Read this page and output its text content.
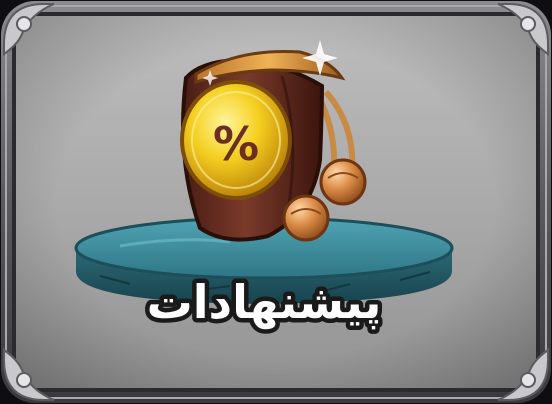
%
پیشنهادات
